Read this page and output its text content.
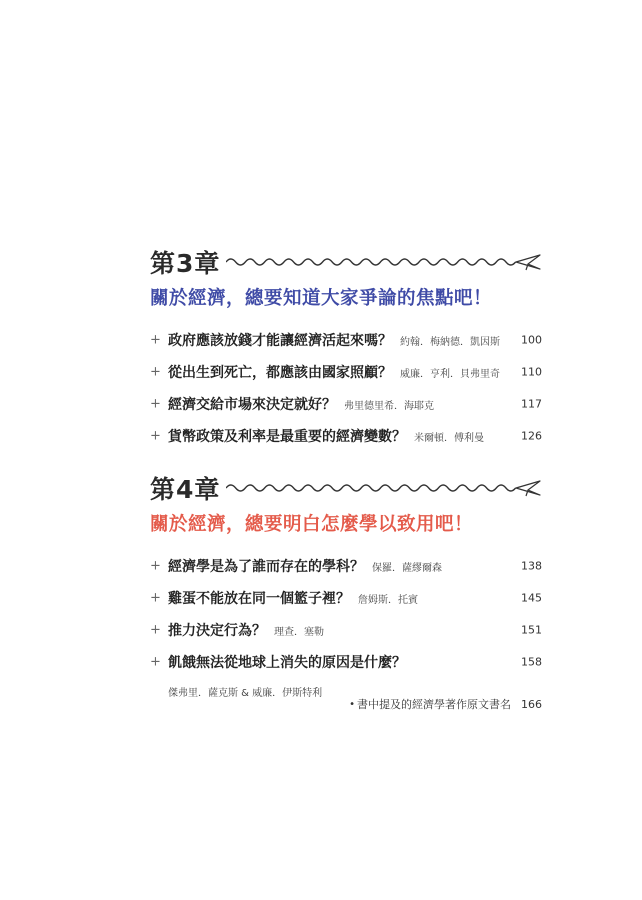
第3章
關於經濟，總要知道大家爭論的焦點吧！
+ 政府應該放錢才能讓經濟活起來嗎？ 約翰．梅納德．凱因斯 100
+ 從出生到死亡，都應該由國家照顧？ 威廉．亨利．貝弗里奇 110
+ 經濟交給市場來決定就好？ 弗里德里希．海耶克	117
+ 貨幣政策及利率是最重要的經濟變數？ 米爾頓．傅利曼	126
第4章
關於經濟，總要明白怎麼學以致用吧！
+ 經濟學是為了誰而存在的學科？ 保羅．薩繆爾森	138
+ 雞蛋不能放在同一個籃子裡？ 詹姆斯．托賓	145
+ 推力決定行為？ 理查．塞勒	151
+ 飢餓無法從地球上消失的原因是什麼？	158
傑弗里．薩克斯 & 威廉．伊斯特利
• 書中提及的經濟學著作原文書名 166
